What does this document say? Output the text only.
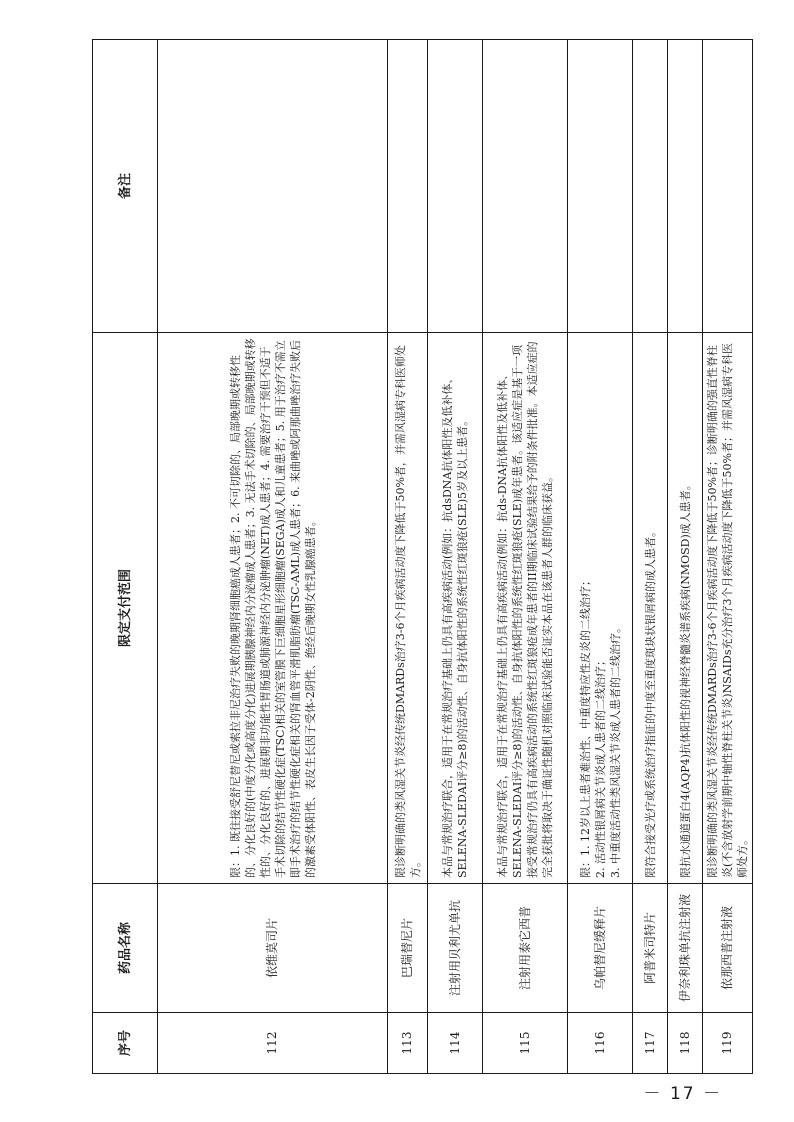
序号	药品名称	限定支付范围	备注
112	依维莫司片	限：1. 既往接受舒尼替尼或索拉非尼治疗失败的晚期肾细胞癌成人患者；2. 不可切除的、局部晚期或转移性的、分化良好的(中度分化或高度分化)进展期胰腺神经内分泌瘤成人患者；3. 无法手术切除的、局部晚期或转移性的、分化良好的、进展期非功能性胃肠道或肺源神经内分泌肿瘤(NET)成人患者；4. 需要治疗干预但不适于手术切除的结节性硬化症(TSC)相关的室管膜下巨细胞星形细胞瘤(SEGA)成人和儿童患者；5. 用于治疗不需立即手术治疗的结节性硬化症相关的肾血管平滑肌脂肪瘤(TSC-AML)成人患者；6. 来曲唑或阿那曲唑治疗失败后的激素受体阳性、表皮生长因子受体-2阴性、绝经后晚期女性乳腺癌患者。	

113	巴瑞替尼片	限诊断明确的类风湿关节炎经传统DMARDs治疗3-6个月疾病活动度下降低于50%者，并需风湿病专科医师处方。	

114	注射用贝利尤单抗	本品与常规治疗联合，适用于在常规治疗基础上仍具有高疾病活动(例如：抗dsDNA抗体阳性及低补体、SELENA-SLEDAI评分≥8)的活动性、自身抗体阳性的系统性红斑狼疮(SLE)5岁及以上患者。	

115	注射用泰它西普	本品与常规治疗联合，适用于在常规治疗基础上仍具有高疾病活动(例如：抗ds-DNA抗体阳性及低补体、SELENA-SLEDAI评分≥8)的活动性、自身抗体阳性的系统性红斑狼疮(SLE)成年患者。该适应症是基于一项接受常规治疗仍具有高疾病活动的系统性红斑狼疮成年患者的II期临床试验结果给予的附条件批准。本适应症的完全获批将取决于确证性随机对照临床试验能否证实本品在该患者人群的临床获益。	

116	乌帕替尼缓释片	限：1. 12岁以上患者难治性、中重度特应性皮炎的二线治疗； 2. 活动性银屑病关节炎成人患者的二线治疗； 3. 中重度活动性类风湿关节炎成人患者的二线治疗。	

117	阿普米司特片	限符合接受光疗或系统治疗指征的中度至重度斑块状银屑病的成人患者。	

118	伊奈利珠单抗注射液	限抗水通道蛋白4(AQP4)抗体阳性的视神经脊髓炎谱系疾病(NMOSD)成人患者。	

119	依那西普注射液	限诊断明确的类风湿关节炎经传统DMARDs治疗3-6个月疾病活动度下降低于50%者；诊断明确的强直性脊柱炎(不含放射学前期中轴性脊柱关节炎)NSAIDs充分治疗3个月疾病活动度下降低于50%者；并需风湿病专科医师处方。	

－ 17 －
